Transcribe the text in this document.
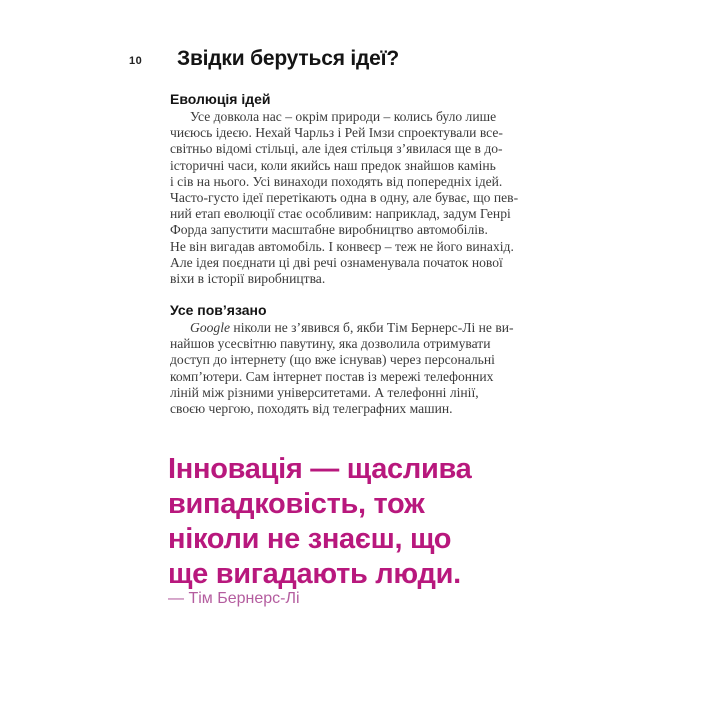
10 Звідки беруться ідеї?
Еволюція ідей
Усе довкола нас – окрім природи – колись було лише
чиєюсь ідеєю. Нехай Чарльз і Рей Імзи спроектували все-
світньо відомі стільці, але ідея стільця з’явилася ще в до-
історичні часи, коли якийсь наш предок знайшов камінь
і сів на нього. Усі винаходи походять від попередніх ідей.
Часто-густо ідеї перетікають одна в одну, але буває, що пев-
ний етап еволюції стає особливим: наприклад, задум Генрі
Форда запустити масштабне виробництво автомобілів.
Не він вигадав автомобіль. І конвеєр – теж не його винахід.
Але ідея поєднати ці дві речі ознаменувала початок нової
віхи в історії виробництва.
Усе пов’язано
Google ніколи не з’явився б, якби Тім Бернерс-Лі не ви-
найшов усесвітню павутину, яка дозволила отримувати
доступ до інтернету (що вже існував) через персональні
комп’ютери. Сам інтернет постав із мережі телефонних
ліній між різними університетами. А телефонні лінії,
своєю чергою, походять від телеграфних машин.
Інновація — щаслива
випадковість, тож
ніколи не знаєш, що
ще вигадають люди.
— Тім Бернерс-Лі
